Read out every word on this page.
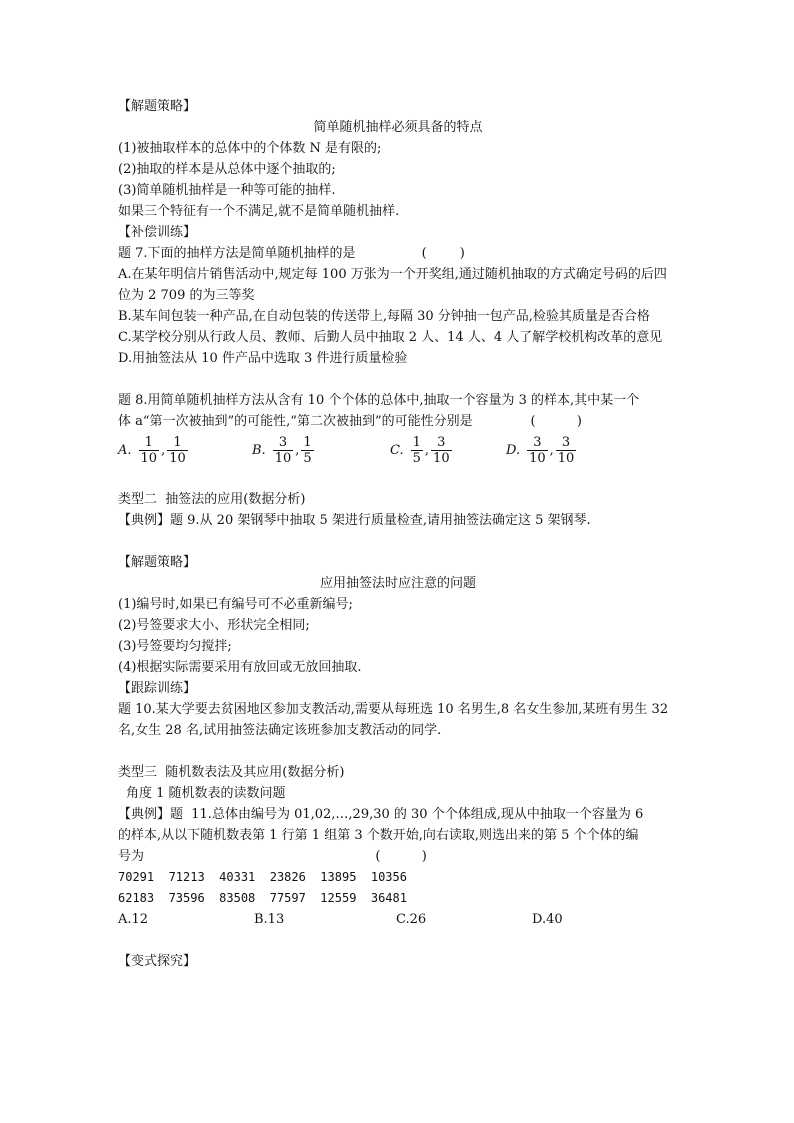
【解题策略】
简单随机抽样必须具备的特点
(1)被抽取样本的总体中的个体数 N 是有限的;
(2)抽取的样本是从总体中逐个抽取的;
(3)简单随机抽样是一种等可能的抽样.
如果三个特征有一个不满足,就不是简单随机抽样.
【补偿训练】
题 7.下面的抽样方法是简单随机抽样的是                (        )
A.在某年明信片销售活动中,规定每 100 万张为一个开奖组,通过随机抽取的方式确定号码的后四位为 2 709 的为三等奖
B.某车间包装一种产品,在自动包装的传送带上,每隔 30 分钟抽一包产品,检验其质量是否合格
C.某学校分别从行政人员、教师、后勤人员中抽取 2 人、14 人、4 人了解学校机构改革的意见
D.用抽签法从 10 件产品中选取 3 件进行质量检验
题 8.用简单随机抽样方法从含有 10 个个体的总体中,抽取一个容量为 3 的样本,其中某一个
体 a“第一次被抽到”的可能性,“第二次被抽到”的可能性分别是              (          )
A. $\frac{1}{10}$ , $\frac{1}{10}$	B. $\frac{3}{10}$ , $\frac{1}{5}$	C. $\frac{1}{5}$ , $\frac{3}{10}$	D. $\frac{3}{10}$ , $\frac{3}{10}$
类型二  抽签法的应用(数据分析)
【典例】题 9.从 20 架钢琴中抽取 5 架进行质量检查,请用抽签法确定这 5 架钢琴.
【解题策略】
应用抽签法时应注意的问题
(1)编号时,如果已有编号可不必重新编号;
(2)号签要求大小、形状完全相同;
(3)号签要均匀搅拌;
(4)根据实际需要采用有放回或无放回抽取.
【跟踪训练】
题 10.某大学要去贫困地区参加支教活动,需要从每班选 10 名男生,8 名女生参加,某班有男生 32 名,女生 28 名,试用抽签法确定该班参加支教活动的同学.
类型三  随机数表法及其应用(数据分析)
角度 1 随机数表的读数问题
【典例】题  11.总体由编号为 01,02,…,29,30 的 30 个个体组成,现从中抽取一个容量为 6
的样本,从以下随机数表第 1 行第 1 组第 3 个数开始,向右读取,则选出来的第 5 个个体的编
号为                                                        (          )
70291  71213  40331  23826  13895  10356
62183  73596  83508  77597  12559  36481
A.12	B.13	C.26	D.40
【变式探究】
